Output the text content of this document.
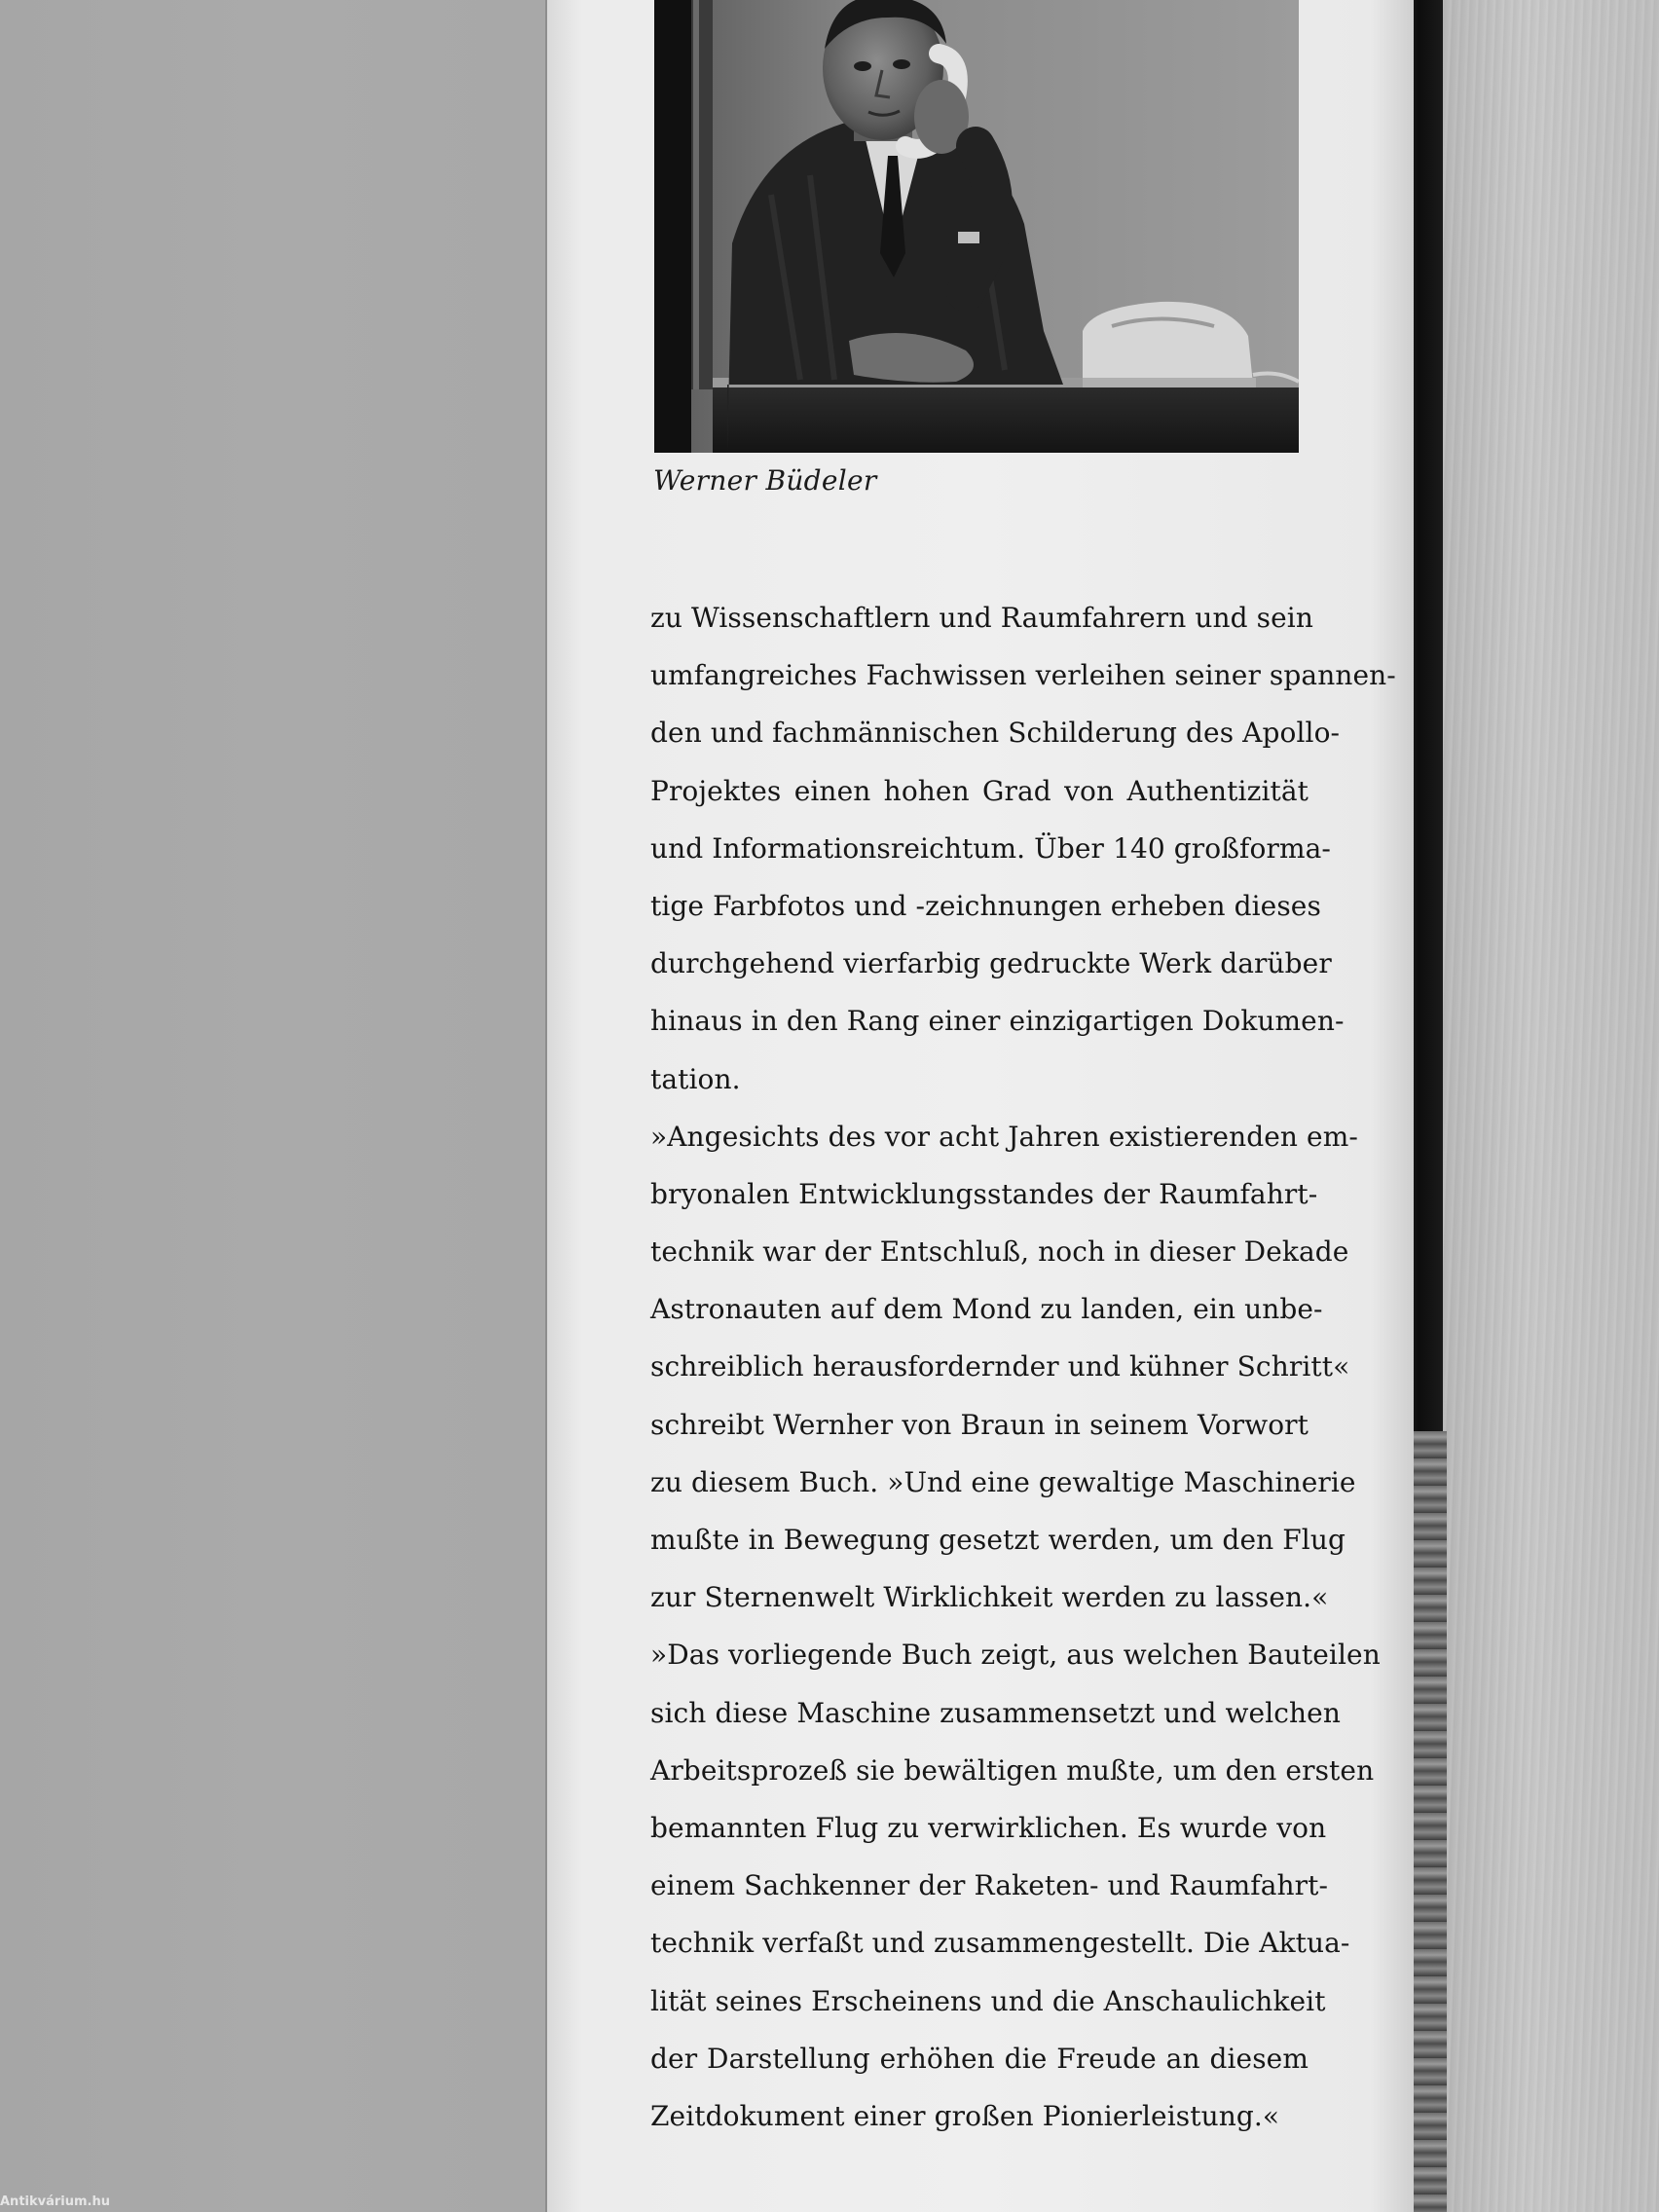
Werner Büdeler
zu Wissenschaftlern und Raumfahrern und sein
umfangreiches Fachwissen verleihen seiner spannen-
den und fachmännischen Schilderung des Apollo-
Projektes einen hohen Grad von Authentizität
und Informationsreichtum. Über 140 großforma-
tige Farbfotos und -zeichnungen erheben dieses
durchgehend vierfarbig gedruckte Werk darüber
hinaus in den Rang einer einzigartigen Dokumen-
tation.
»Angesichts des vor acht Jahren existierenden em-
bryonalen Entwicklungsstandes der Raumfahrt-
technik war der Entschluß, noch in dieser Dekade
Astronauten auf dem Mond zu landen, ein unbe-
schreiblich herausfordernder und kühner Schritt«
schreibt Wernher von Braun in seinem Vorwort
zu diesem Buch. »Und eine gewaltige Maschinerie
mußte in Bewegung gesetzt werden, um den Flug
zur Sternenwelt Wirklichkeit werden zu lassen.«
»Das vorliegende Buch zeigt, aus welchen Bauteilen
sich diese Maschine zusammensetzt und welchen
Arbeitsprozeß sie bewältigen mußte, um den ersten
bemannten Flug zu verwirklichen. Es wurde von
einem Sachkenner der Raketen- und Raumfahrt-
technik verfaßt und zusammengestellt. Die Aktua-
lität seines Erscheinens und die Anschaulichkeit
der Darstellung erhöhen die Freude an diesem
Zeitdokument einer großen Pionierleistung.«
Antikvárium.hu
